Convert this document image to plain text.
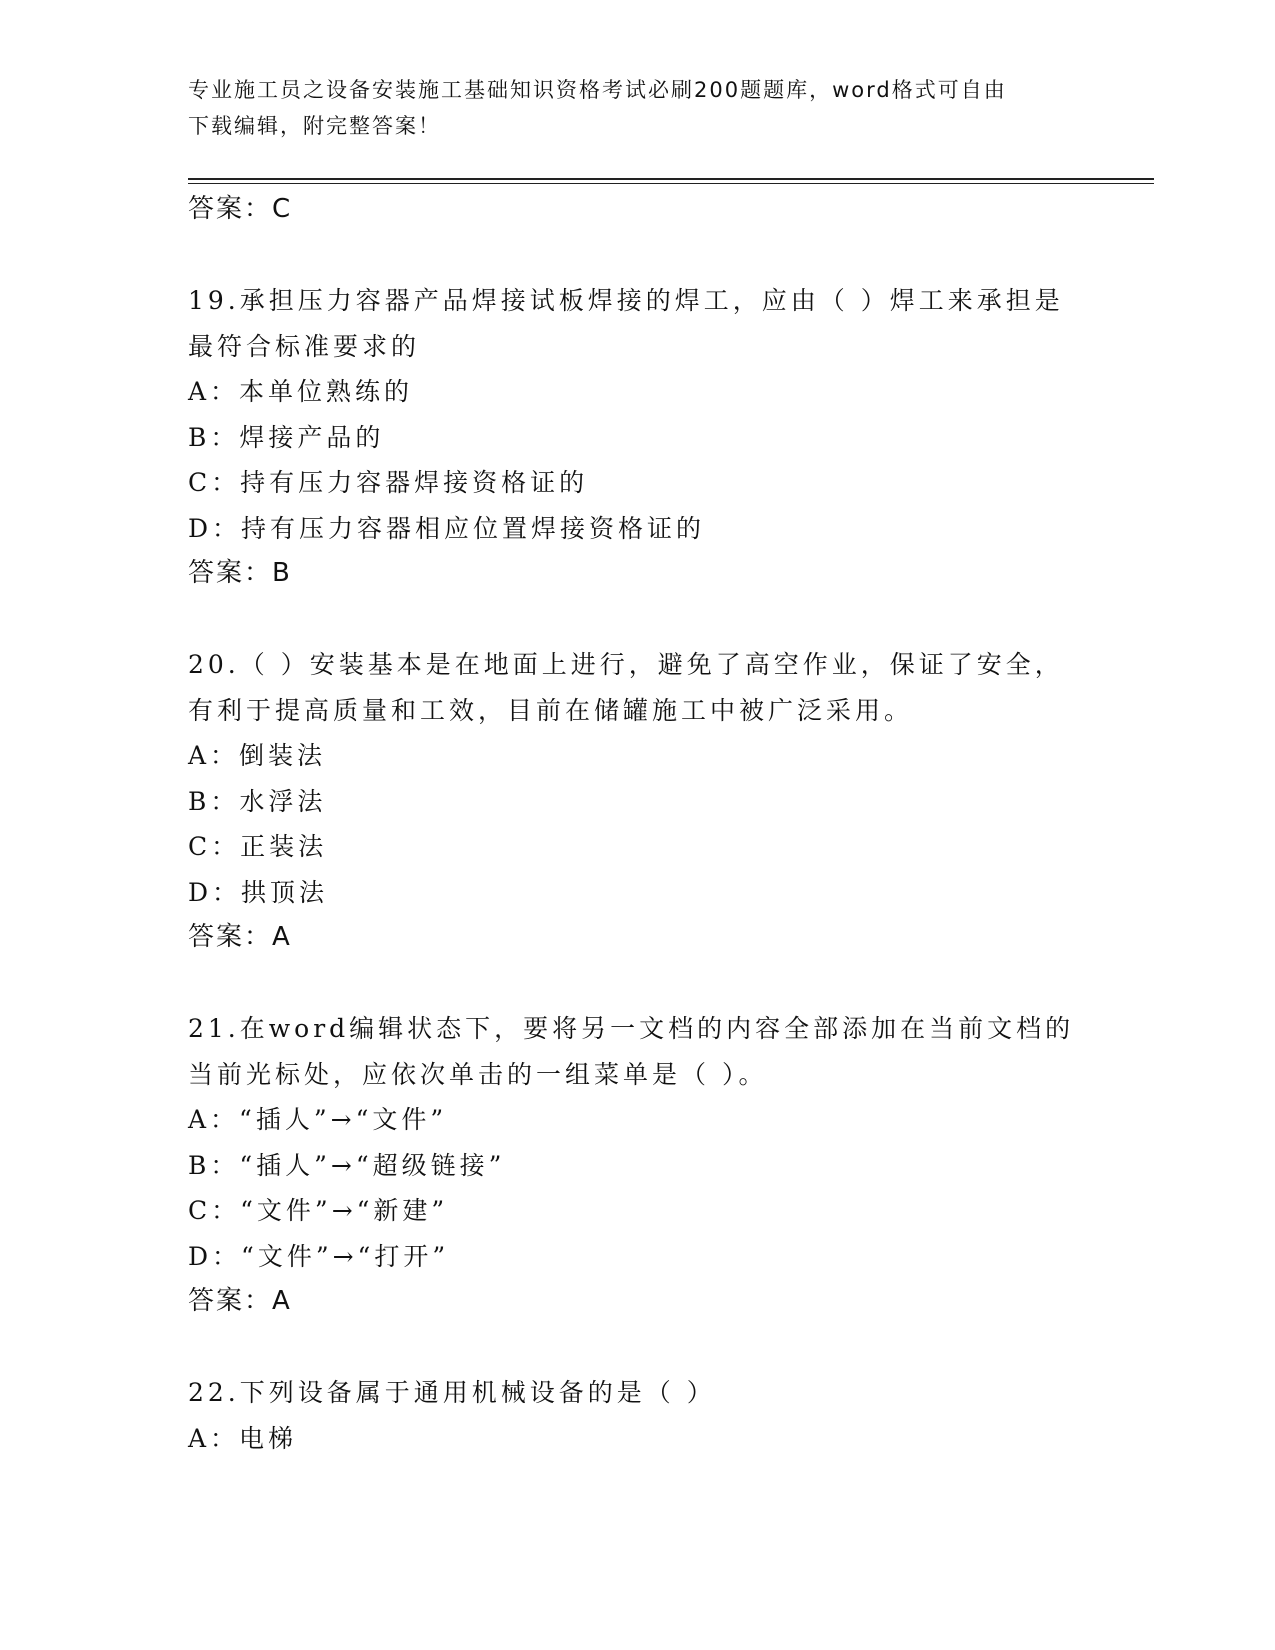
专业施工员之设备安装施工基础知识资格考试必刷200题题库，word格式可自由
下载编辑，附完整答案！
答案：C
19.承担压力容器产品焊接试板焊接的焊工，应由（ ）焊工来承担是
最符合标准要求的
A：本单位熟练的
B：焊接产品的
C：持有压力容器焊接资格证的
D：持有压力容器相应位置焊接资格证的
答案：B
20.（ ）安装基本是在地面上进行，避免了高空作业，保证了安全，
有利于提高质量和工效，目前在储罐施工中被广泛采用。
A：倒装法
B：水浮法
C：正装法
D：拱顶法
答案：A
21.在word编辑状态下，要将另一文档的内容全部添加在当前文档的
当前光标处，应依次单击的一组菜单是（ ）。
A：“插人”→“文件”
B：“插人”→“超级链接”
C：“文件”→“新建”
D：“文件”→“打开”
答案：A
22.下列设备属于通用机械设备的是（ ）
A：电梯
